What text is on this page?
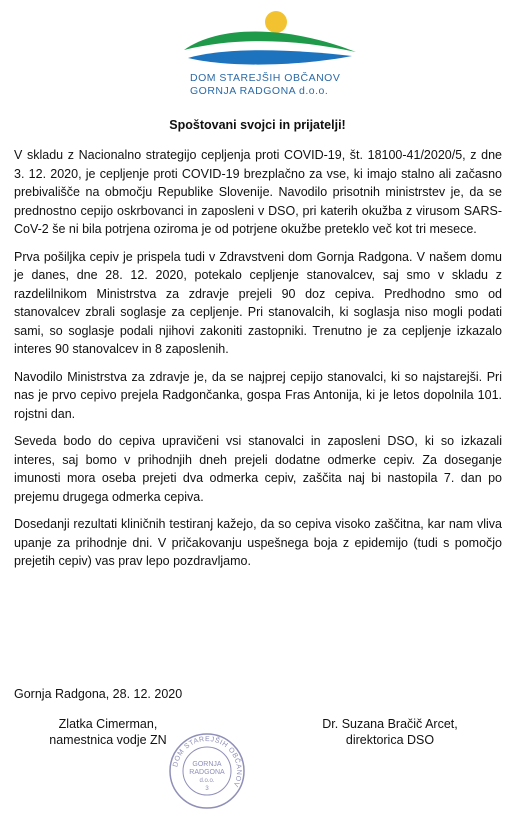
DOM STAREJŠIH OBČANOV
GORNJA RADGONA d.o.o.
Spoštovani svojci in prijatelji!

V skladu z Nacionalno strategijo cepljenja proti COVID-19, št. 18100-41/2020/5, z dne 3. 12. 2020, je cepljenje proti COVID-19 brezplačno za vse, ki imajo stalno ali začasno prebivališče na območju Republike Slovenije. Navodilo prisotnih ministrstev je, da se prednostno cepijo oskrbovanci in zaposleni v DSO, pri katerih okužba z virusom SARS-CoV-2 še ni bila potrjena oziroma je od potrjene okužbe preteklo več kot tri mesece.

Prva pošiljka cepiv je prispela tudi v Zdravstveni dom Gornja Radgona. V našem domu je danes, dne 28. 12. 2020, potekalo cepljenje stanovalcev, saj smo v skladu z razdelilnikom Ministrstva za zdravje prejeli 90 doz cepiva. Predhodno smo od stanovalcev zbrali soglasje za cepljenje. Pri stanovalcih, ki soglasja niso mogli podati sami, so soglasje podali njihovi zakoniti zastopniki. Trenutno je za cepljenje izkazalo interes 90 stanovalcev in 8 zaposlenih.

Navodilo Ministrstva za zdravje je, da se najprej cepijo stanovalci, ki so najstarejši. Pri nas je prvo cepivo prejela Radgončanka, gospa Fras Antonija, ki je letos dopolnila 101. rojstni dan.

Seveda bodo do cepiva upravičeni vsi stanovalci in zaposleni DSO, ki so izkazali interes, saj bomo v prihodnjih dneh prejeli dodatne odmerke cepiv. Za doseganje imunosti mora oseba prejeti dva odmerka cepiv, zaščita naj bi nastopila 7. dan po prejemu drugega odmerka cepiva.

Dosedanji rezultati kliničnih testiranj kažejo, da so cepiva visoko zaščitna, kar nam vliva upanje za prihodnje dni. V pričakovanju uspešnega boja z epidemijo (tudi s pomočjo prejetih cepiv) vas prav lepo pozdravljamo.

Gornja Radgona, 28. 12. 2020
Zlatka Cimerman,
namestnica vodje ZN
Dr. Suzana Bračič Arcet,
direktorica DSO
DOM STAREJŠIH OBČANOV
GORNJA
RADGONA
d.o.o.
3
